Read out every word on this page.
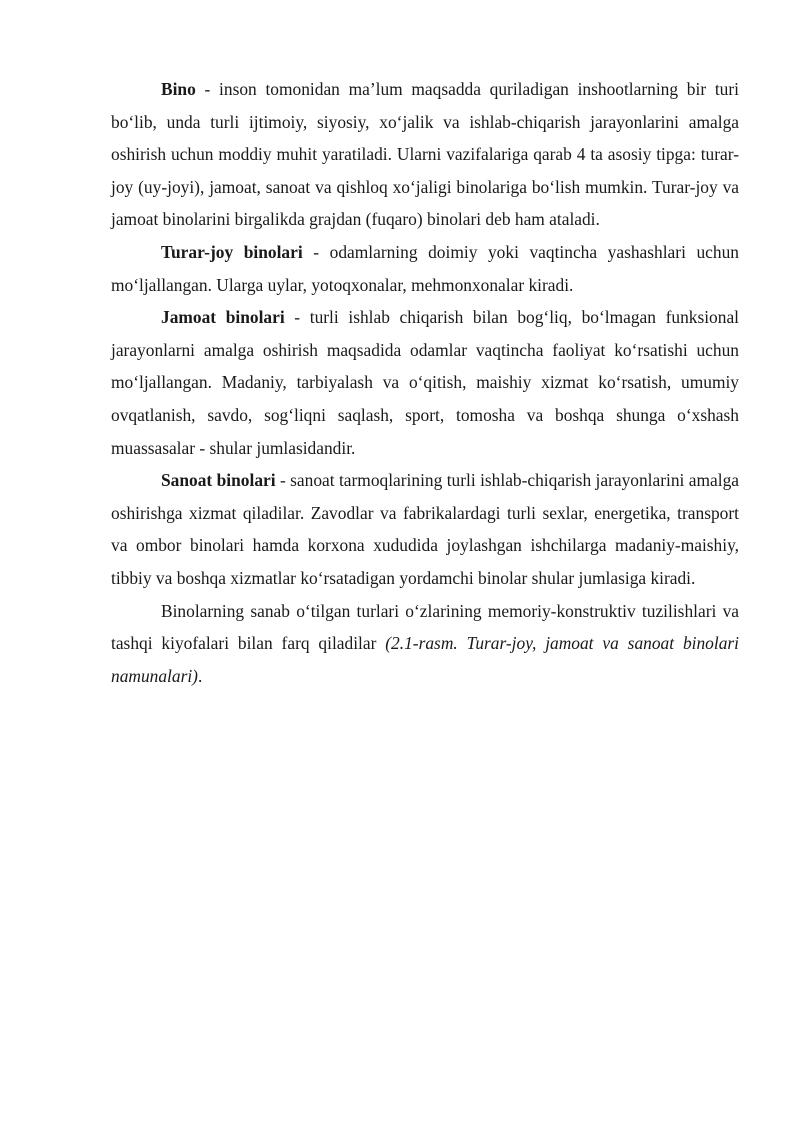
Bino - inson tomonidan ma’lum maqsadda quriladigan inshootlarning bir turi bo‘lib, unda turli ijtimoiy, siyosiy, xo‘jalik va ishlab-chiqarish jarayonlarini amalga oshirish uchun moddiy muhit yaratiladi. Ularni vazifalariga qarab 4 ta asosiy tipga: turar-joy (uy-joyi), jamoat, sanoat va qishloq xo‘jaligi binolariga bo‘lish mumkin. Turar-joy va jamoat binolarini birgalikda grajdan (fuqaro) binolari deb ham ataladi.

Turar-joy binolari - odamlarning doimiy yoki vaqtincha yashashlari uchun mo‘ljallangan. Ularga uylar, yotoqxonalar, mehmonxonalar kiradi.

Jamoat binolari - turli ishlab chiqarish bilan bog‘liq, bo‘lmagan funksional jarayonlarni amalga oshirish maqsadida odamlar vaqtincha faoliyat ko‘rsatishi uchun mo‘ljallangan. Madaniy, tarbiyalash va o‘qitish, maishiy xizmat ko‘rsatish, umumiy ovqatlanish, savdo, sog‘liqni saqlash, sport, tomosha va boshqa shunga o‘xshash muassasalar - shular jumlasidandir.

Sanoat binolari - sanoat tarmoqlarining turli ishlab-chiqarish jarayonlarini amalga oshirishga xizmat qiladilar. Zavodlar va fabrikalardagi turli sexlar, energetika, transport va ombor binolari hamda korxona xududida joylashgan ishchilarga madaniy-maishiy, tibbiy va boshqa xizmatlar ko‘rsatadigan yordamchi binolar shular jumlasiga kiradi.

Binolarning sanab o‘tilgan turlari o‘zlarining memoriy-konstruktiv tuzilishlari va tashqi kiyofalari bilan farq qiladilar (2.1-rasm. Turar-joy, jamoat va sanoat binolari namunalari).
